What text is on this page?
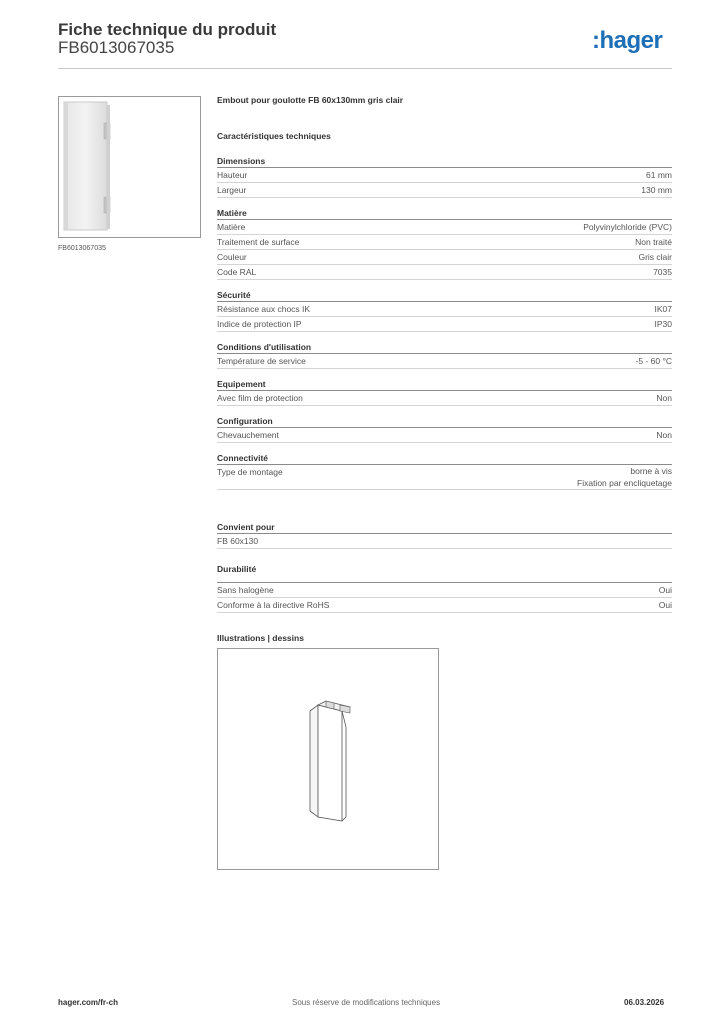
Fiche technique du produit
FB6013067035	:hager
FB6013067035
Embout pour goulotte FB 60x130mm gris clair
Caractéristiques techniques
Dimensions
Hauteur	61 mm
Largeur	130 mm
Matière
Matière	Polyvinylchloride (PVC)
Traitement de surface	Non traité
Couleur	Gris clair
Code RAL	7035
Sécurité
Résistance aux chocs IK	IK07
Indice de protection IP	IP30
Conditions d'utilisation
Température de service	-5 - 60 °C
Equipement
Avec film de protection	Non
Configuration
Chevauchement	Non
Connectivité
Type de montage	borne à vis
Fixation par encliquetage
Convient pour
FB 60x130
Durabilité
Sans halogène	Oui
Conforme à la directive RoHS	Oui
Illustrations | dessins
hager.com/fr-ch	Sous réserve de modifications techniques	06.03.2026
